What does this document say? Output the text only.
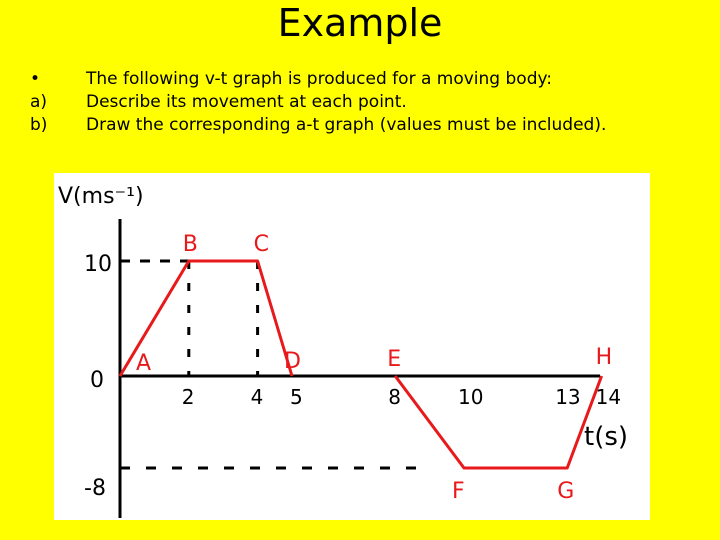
Example
•	The following v-t graph is produced for a moving body:
a)	Describe its movement at each point.
b)	Draw the corresponding a-t graph (values must be included).
V(ms⁻¹)
t(s)
10
0
-8
A
B	C
D	E
F	G
H
2	4 5	8	10	13 14
